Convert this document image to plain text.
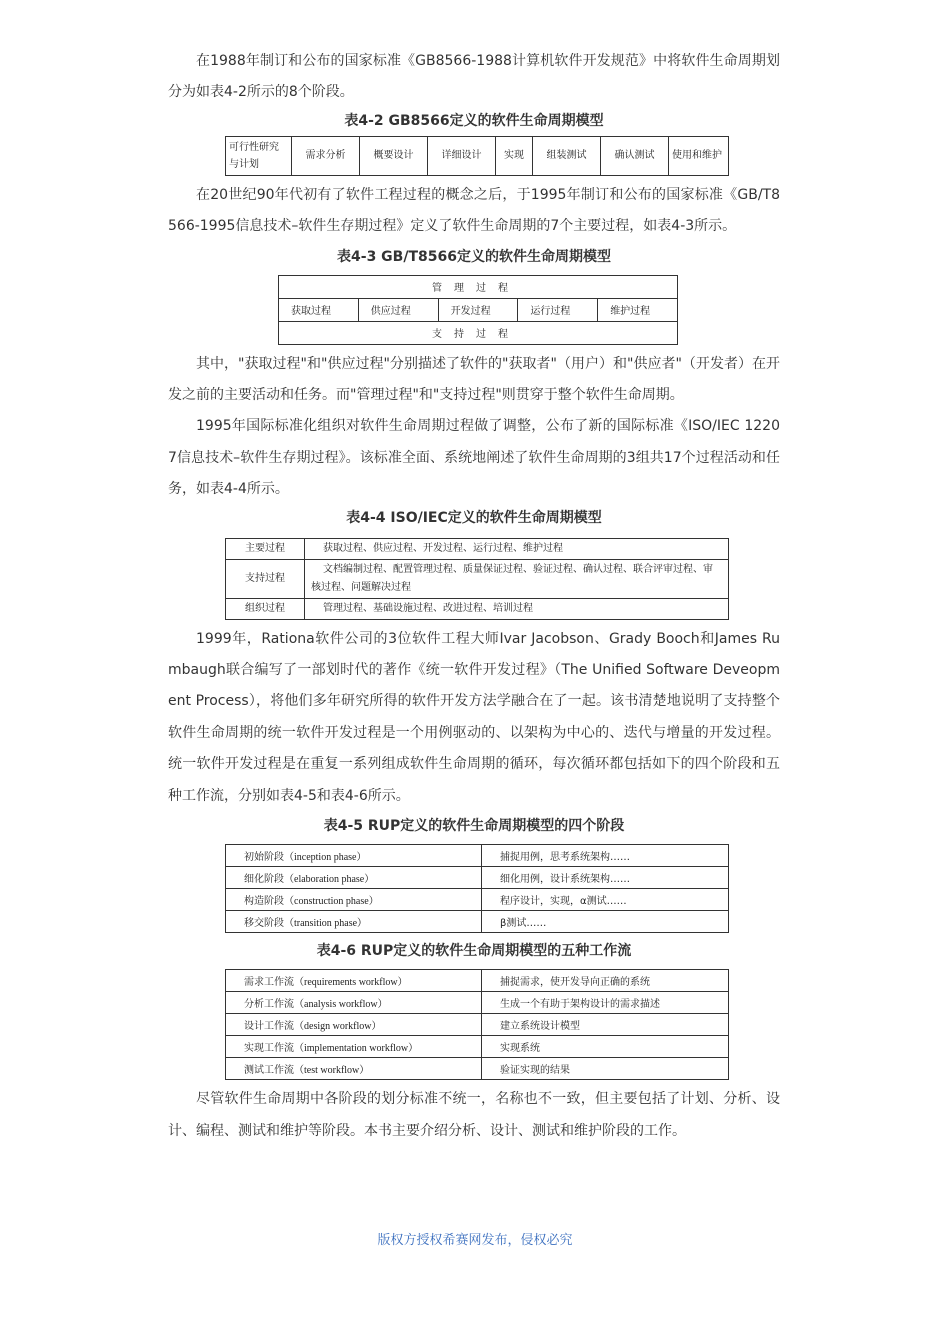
在1988年制订和公布的国家标准《GB8566-1988计算机软件开发规范》中将软件生命周期划分为如表4-2所示的8个阶段。

表4-2 GB8566定义的软件生命周期模型
可行性研究与计划	需求分析	概要设计	详细设计	实现	组装测试	确认测试	使用和维护

在20世纪90年代初有了软件工程过程的概念之后，于1995年制订和公布的国家标准《GB/T8566-1995信息技术–软件生存期过程》定义了软件生命周期的7个主要过程，如表4-3所示。

表4-3 GB/T8566定义的软件生命周期模型
管理过程
获取过程	供应过程	开发过程	运行过程	维护过程
支持过程

其中，"获取过程"和"供应过程"分别描述了软件的"获取者"（用户）和"供应者"（开发者）在开发之前的主要活动和任务。而"管理过程"和"支持过程"则贯穿于整个软件生命周期。

1995年国际标准化组织对软件生命周期过程做了调整，公布了新的国际标准《ISO/IEC 12207信息技术–软件生存期过程》。该标准全面、系统地阐述了软件生命周期的3组共17个过程活动和任务，如表4-4所示。

表4-4 ISO/IEC定义的软件生命周期模型
主要过程	获取过程、供应过程、开发过程、运行过程、维护过程
支持过程	文档编制过程、配置管理过程、质量保证过程、验证过程、确认过程、联合评审过程、审核过程、问题解决过程
组织过程	管理过程、基础设施过程、改进过程、培训过程

1999年，Rationa软件公司的3位软件工程大师Ivar Jacobson、Grady Booch和James Rumbaugh联合编写了一部划时代的著作《统一软件开发过程》（The Unified Software Deveopment Process），将他们多年研究所得的软件开发方法学融合在了一起。该书清楚地说明了支持整个软件生命周期的统一软件开发过程是一个用例驱动的、以架构为中心的、迭代与增量的开发过程。统一软件开发过程是在重复一系列组成软件生命周期的循环，每次循环都包括如下的四个阶段和五种工作流，分别如表4-5和表4-6所示。

表4-5 RUP定义的软件生命周期模型的四个阶段
初始阶段（inception phase）	捕捉用例，思考系统架构……
细化阶段（elaboration phase）	细化用例，设计系统架构……
构造阶段（construction phase）	程序设计，实现，α测试……
移交阶段（transition phase）	β测试……
表4-6 RUP定义的软件生命周期模型的五种工作流
需求工作流（requirements workflow）	捕捉需求，使开发导向正确的系统
分析工作流（analysis workflow）	生成一个有助于架构设计的需求描述
设计工作流（design workflow）	建立系统设计模型
实现工作流（implementation workflow）	实现系统
测试工作流（test workflow）	验证实现的结果

尽管软件生命周期中各阶段的划分标准不统一，名称也不一致，但主要包括了计划、分析、设计、编程、测试和维护等阶段。本书主要介绍分析、设计、测试和维护阶段的工作。

版权方授权希赛网发布，侵权必究
